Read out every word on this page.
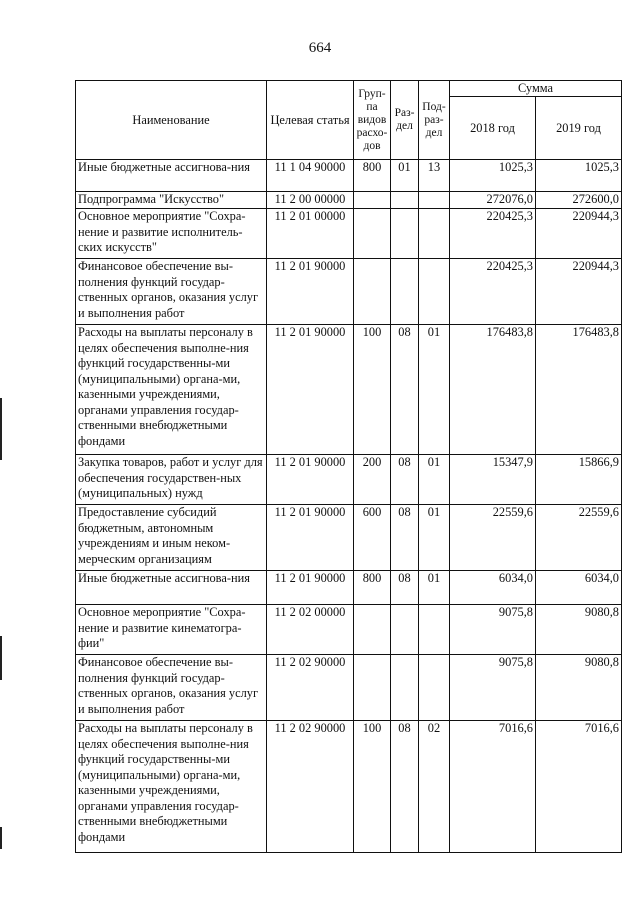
664
Наименование	Целевая статья	Груп-па видов расхо-дов	Раз-дел	Под-раз-дел	Сумма	
					2018 год	2019 год
Иные бюджетные ассигнова-ния	11 1 04 90000	800	01	13	1025,3	1025,3
Подпрограмма "Искусство"	11 2 00 00000				272076,0	272600,0
Основное мероприятие "Сохра-нение и развитие исполнитель-ских искусств"	11 2 01 00000				220425,3	220944,3
Финансовое обеспечение вы-полнения функций государ-ственных органов, оказания услуг и выполнения работ	11 2 01 90000				220425,3	220944,3
Расходы на выплаты персоналу в целях обеспечения выполне-ния функций государственны-ми (муниципальными) органа-ми, казенными учреждениями, органами управления государ-ственными внебюджетными фондами	11 2 01 90000	100	08	01	176483,8	176483,8
Закупка товаров, работ и услуг для обеспечения государствен-ных (муниципальных) нужд	11 2 01 90000	200	08	01	15347,9	15866,9
Предоставление субсидий бюджетным, автономным учреждениям и иным неком-мерческим организациям	11 2 01 90000	600	08	01	22559,6	22559,6
Иные бюджетные ассигнова-ния	11 2 01 90000	800	08	01	6034,0	6034,0
Основное мероприятие "Сохра-нение и развитие кинематогра-фии"	11 2 02 00000				9075,8	9080,8
Финансовое обеспечение вы-полнения функций государ-ственных органов, оказания услуг и выполнения работ	11 2 02 90000				9075,8	9080,8
Расходы на выплаты персоналу в целях обеспечения выполне-ния функций государственны-ми (муниципальными) органа-ми, казенными учреждениями, органами управления государ-ственными внебюджетными фондами	11 2 02 90000	100	08	02	7016,6	7016,6
